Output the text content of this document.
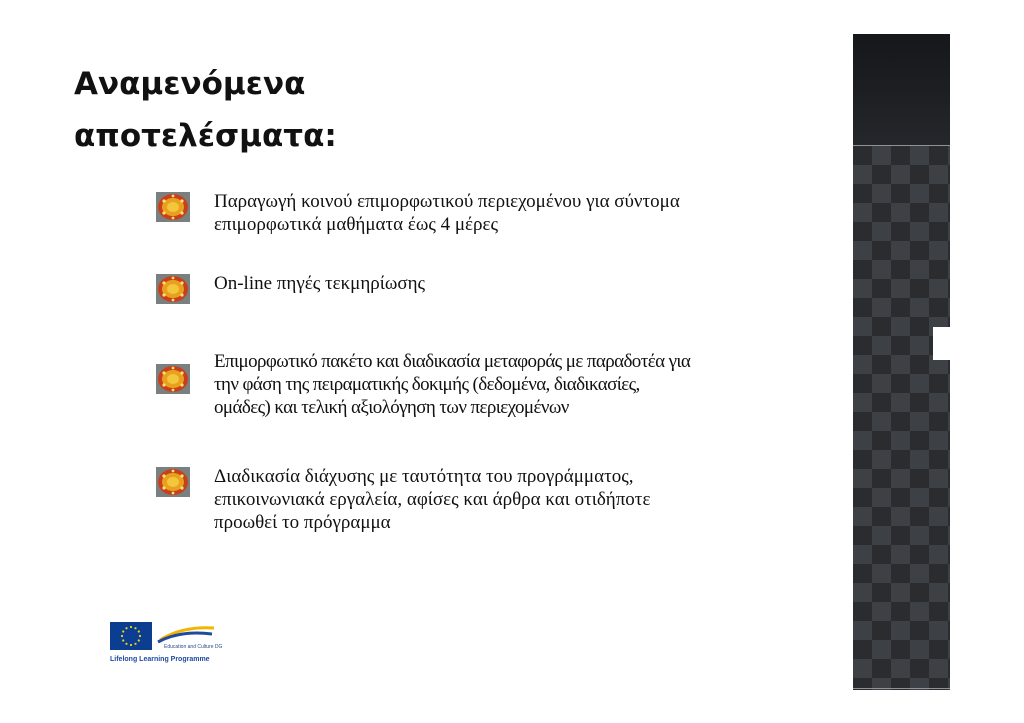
Αναμενόμενα
αποτελέσματα:
Παραγωγή κοινού επιμορφωτικού περιεχομένου για σύντομα
επιμορφωτικά μαθήματα έως 4 μέρες
On-line πηγές τεκμηρίωσης
Επιμορφωτικό πακέτο και διαδικασία μεταφοράς με παραδοτέα για
την φάση της πειραματικής δοκιμής (δεδομένα, διαδικασίες,
ομάδες) και τελική αξιολόγηση των περιεχομένων
Διαδικασία διάχυσης με ταυτότητα του προγράμματος,
επικοινωνιακά εργαλεία, αφίσες και άρθρα και οτιδήποτε
προωθεί το πρόγραμμα
Education and Culture DG
Lifelong Learning Programme
